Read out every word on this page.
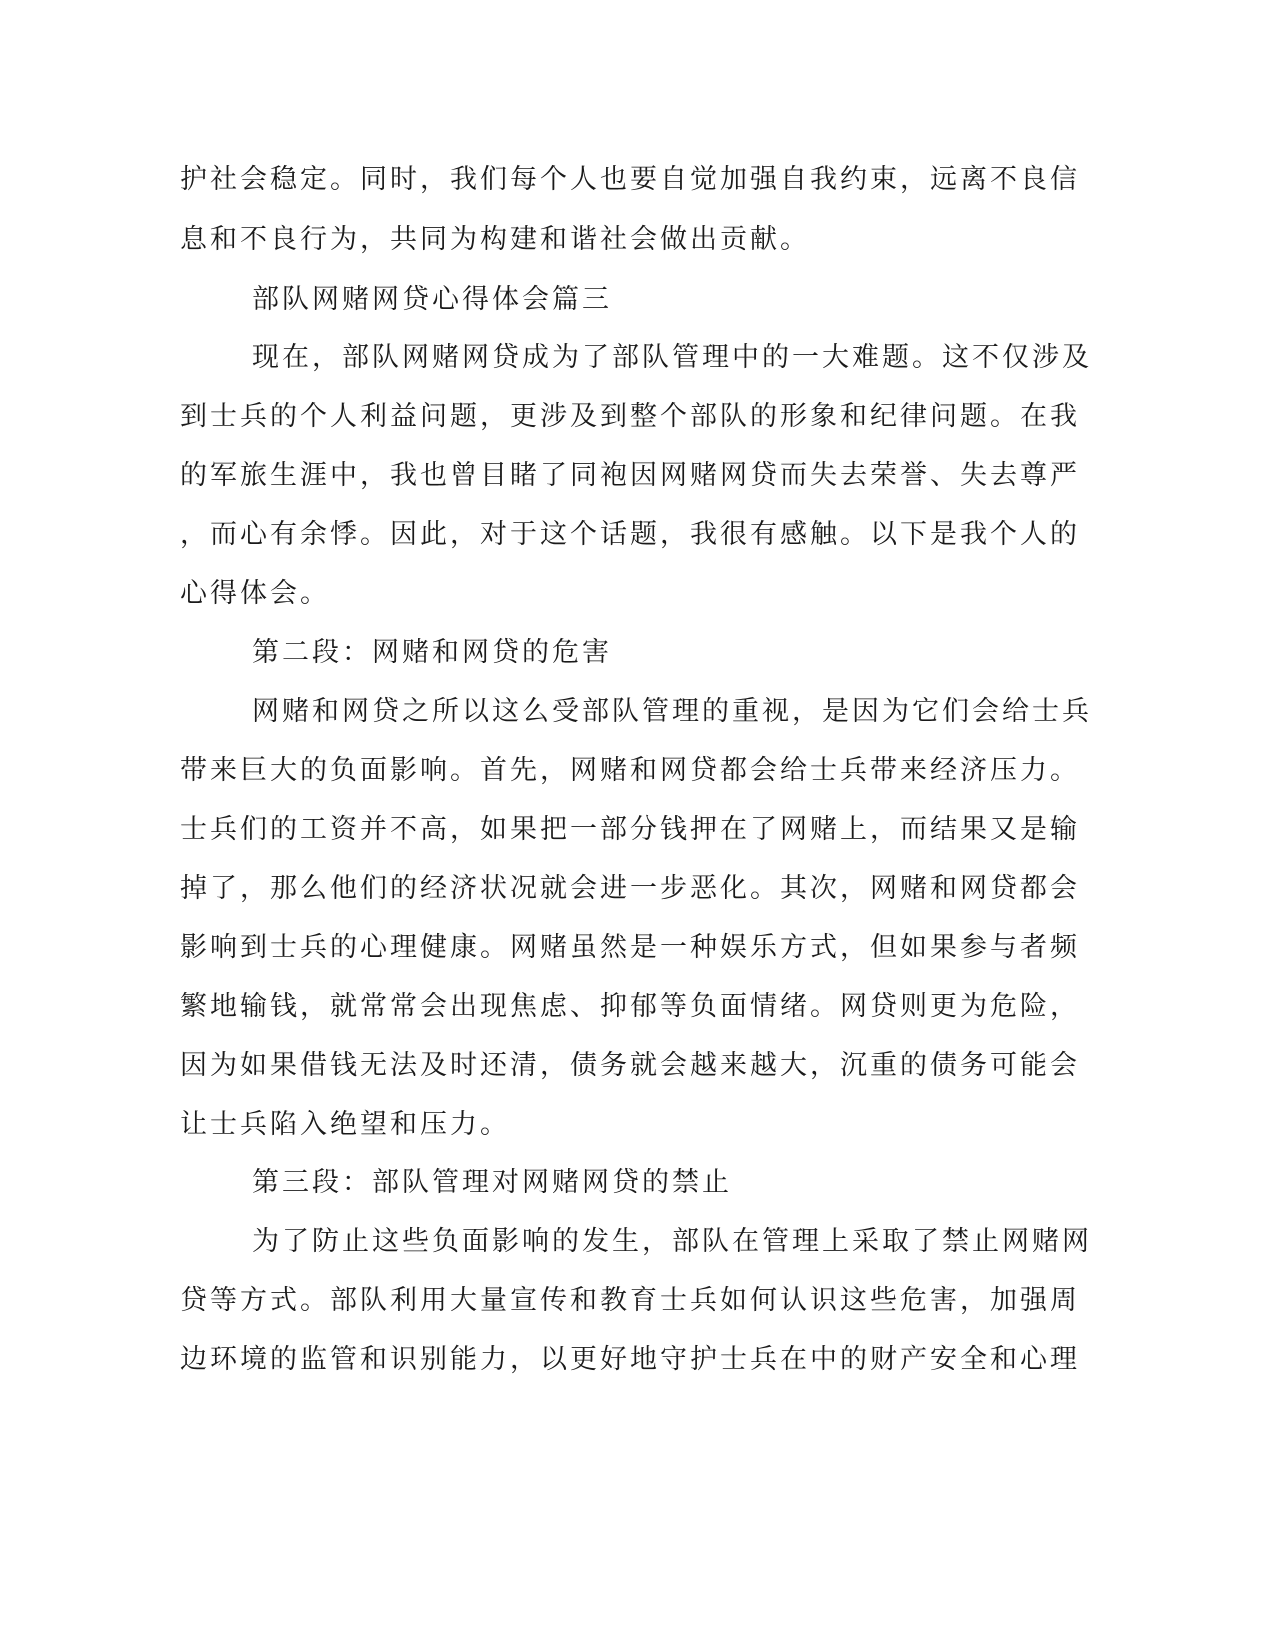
护社会稳定。同时，我们每个人也要自觉加强自我约束，远离不良信

息和不良行为，共同为构建和谐社会做出贡献。

部队网赌网贷心得体会篇三

现在，部队网赌网贷成为了部队管理中的一大难题。这不仅涉及

到士兵的个人利益问题，更涉及到整个部队的形象和纪律问题。在我

的军旅生涯中，我也曾目睹了同袍因网赌网贷而失去荣誉、失去尊严

，而心有余悸。因此，对于这个话题，我很有感触。以下是我个人的

心得体会。

第二段：网赌和网贷的危害

网赌和网贷之所以这么受部队管理的重视，是因为它们会给士兵

带来巨大的负面影响。首先，网赌和网贷都会给士兵带来经济压力。

士兵们的工资并不高，如果把一部分钱押在了网赌上，而结果又是输

掉了，那么他们的经济状况就会进一步恶化。其次，网赌和网贷都会

影响到士兵的心理健康。网赌虽然是一种娱乐方式，但如果参与者频

繁地输钱，就常常会出现焦虑、抑郁等负面情绪。网贷则更为危险，

因为如果借钱无法及时还清，债务就会越来越大，沉重的债务可能会

让士兵陷入绝望和压力。

第三段：部队管理对网赌网贷的禁止

为了防止这些负面影响的发生，部队在管理上采取了禁止网赌网

贷等方式。部队利用大量宣传和教育士兵如何认识这些危害，加强周

边环境的监管和识别能力，以更好地守护士兵在中的财产安全和心理
